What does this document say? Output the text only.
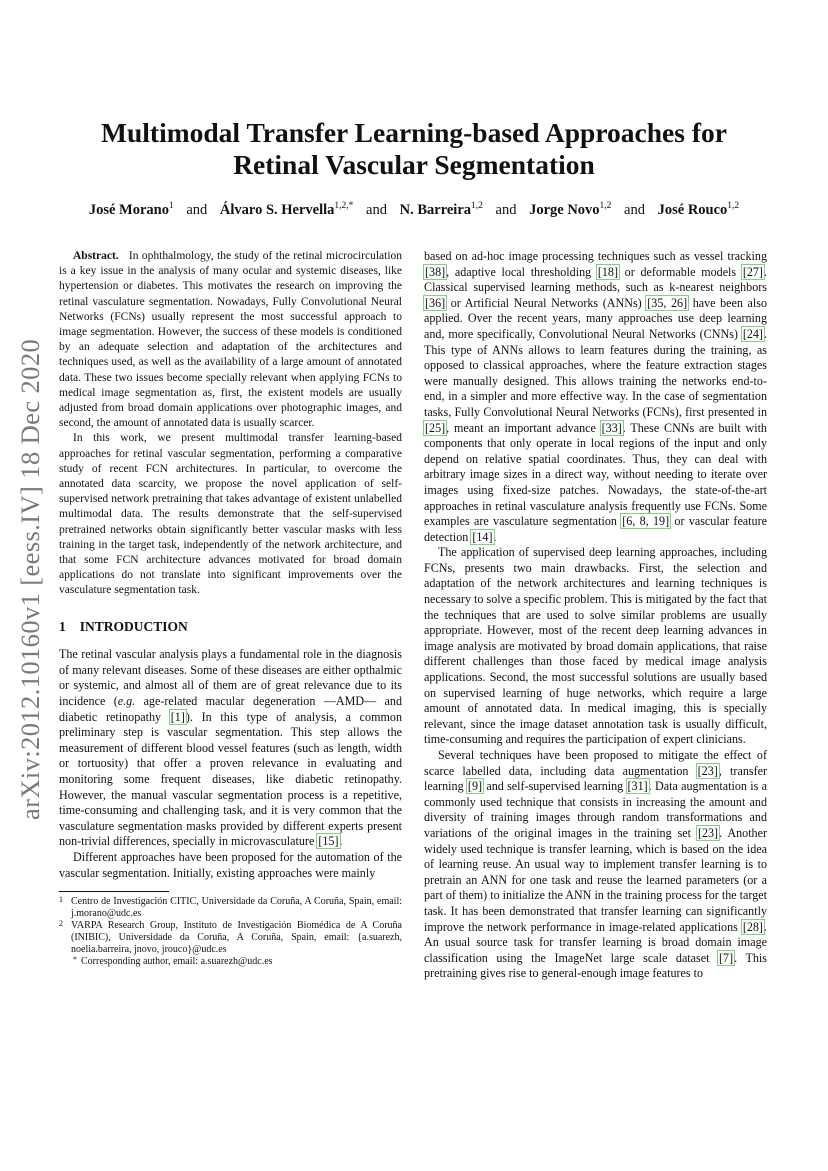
arXiv:2012.10160v1 [eess.IV] 18 Dec 2020
Multimodal Transfer Learning-based Approaches for
Retinal Vascular Segmentation
José Morano$^1$ and Álvaro S. Hervella$^{1,2,*}$ and N. Barreira$^{1,2}$ and Jorge Novo$^{1,2}$ and José Rouco$^{1,2}$

Abstract. In ophthalmology, the study of the retinal microcirculation is a key issue in the analysis of many ocular and systemic diseases, like hypertension or diabetes. This motivates the research on improving the retinal vasculature segmentation. Nowadays, Fully Convolutional Neural Networks (FCNs) usually represent the most successful approach to image segmentation. However, the success of these models is conditioned by an adequate selection and adaptation of the architectures and techniques used, as well as the availability of a large amount of annotated data. These two issues become specially relevant when applying FCNs to medical image segmentation as, first, the existent models are usually adjusted from broad domain applications over photographic images, and second, the amount of annotated data is usually scarcer.

In this work, we present multimodal transfer learning-based approaches for retinal vascular segmentation, performing a comparative study of recent FCN architectures. In particular, to overcome the annotated data scarcity, we propose the novel application of self-supervised network pretraining that takes advantage of existent unlabelled multimodal data. The results demonstrate that the self-supervised pretrained networks obtain significantly better vascular masks with less training in the target task, independently of the network architecture, and that some FCN architecture advances motivated for broad domain applications do not translate into significant improvements over the vasculature segmentation task.

1 INTRODUCTION

The retinal vascular analysis plays a fundamental role in the diagnosis of many relevant diseases. Some of these diseases are either opthalmic or systemic, and almost all of them are of great relevance due to its incidence (e.g. age-related macular degeneration —AMD— and diabetic retinopathy [1]). In this type of analysis, a common preliminary step is vascular segmentation. This step allows the measurement of different blood vessel features (such as length, width or tortuosity) that offer a proven relevance in evaluating and monitoring some frequent diseases, like diabetic retinopathy. However, the manual vascular segmentation process is a repetitive, time-consuming and challenging task, and it is very common that the vasculature segmentation masks provided by different experts present non-trivial differences, specially in microvasculature [15].

Different approaches have been proposed for the automation of the vascular segmentation. Initially, existing approaches were mainly

1 Centro de Investigación CITIC, Universidade da Coruña, A Coruña, Spain, email: j.morano@udc.es

2 VARPA Research Group, Instituto de Investigación Biomédica de A Coruña (INIBIC), Universidade da Coruña, A Coruña, Spain, email: {a.suarezh, noelia.barreira, jnovo, jrouco}@udc.es

* Corresponding author, email: a.suarezh@udc.es

based on ad-hoc image processing techniques such as vessel tracking [38], adaptive local thresholding [18] or deformable models [27]. Classical supervised learning methods, such as k-nearest neighbors [36] or Artificial Neural Networks (ANNs) [35, 26] have been also applied. Over the recent years, many approaches use deep learning and, more specifically, Convolutional Neural Networks (CNNs) [24]. This type of ANNs allows to learn features during the training, as opposed to classical approaches, where the feature extraction stages were manually designed. This allows training the networks end-to-end, in a simpler and more effective way. In the case of segmentation tasks, Fully Convolutional Neural Networks (FCNs), first presented in [25], meant an important advance [33]. These CNNs are built with components that only operate in local regions of the input and only depend on relative spatial coordinates. Thus, they can deal with arbitrary image sizes in a direct way, without needing to iterate over images using fixed-size patches. Nowadays, the state-of-the-art approaches in retinal vasculature analysis frequently use FCNs. Some examples are vasculature segmentation [6, 8, 19] or vascular feature detection [14].

The application of supervised deep learning approaches, including FCNs, presents two main drawbacks. First, the selection and adaptation of the network architectures and learning techniques is necessary to solve a specific problem. This is mitigated by the fact that the techniques that are used to solve similar problems are usually appropriate. However, most of the recent deep learning advances in image analysis are motivated by broad domain applications, that raise different challenges than those faced by medical image analysis applications. Second, the most successful solutions are usually based on supervised learning of huge networks, which require a large amount of annotated data. In medical imaging, this is specially relevant, since the image dataset annotation task is usually difficult, time-consuming and requires the participation of expert clinicians.

Several techniques have been proposed to mitigate the effect of scarce labelled data, including data augmentation [23], transfer learning [9] and self-supervised learning [31]. Data augmentation is a commonly used technique that consists in increasing the amount and diversity of training images through random transformations and variations of the original images in the training set [23]. Another widely used technique is transfer learning, which is based on the idea of learning reuse. An usual way to implement transfer learning is to pretrain an ANN for one task and reuse the learned parameters (or a part of them) to initialize the ANN in the training process for the target task. It has been demonstrated that transfer learning can significantly improve the network performance in image-related applications [28]. An usual source task for transfer learning is broad domain image classification using the ImageNet large scale dataset [7]. This pretraining gives rise to general-enough image features to
